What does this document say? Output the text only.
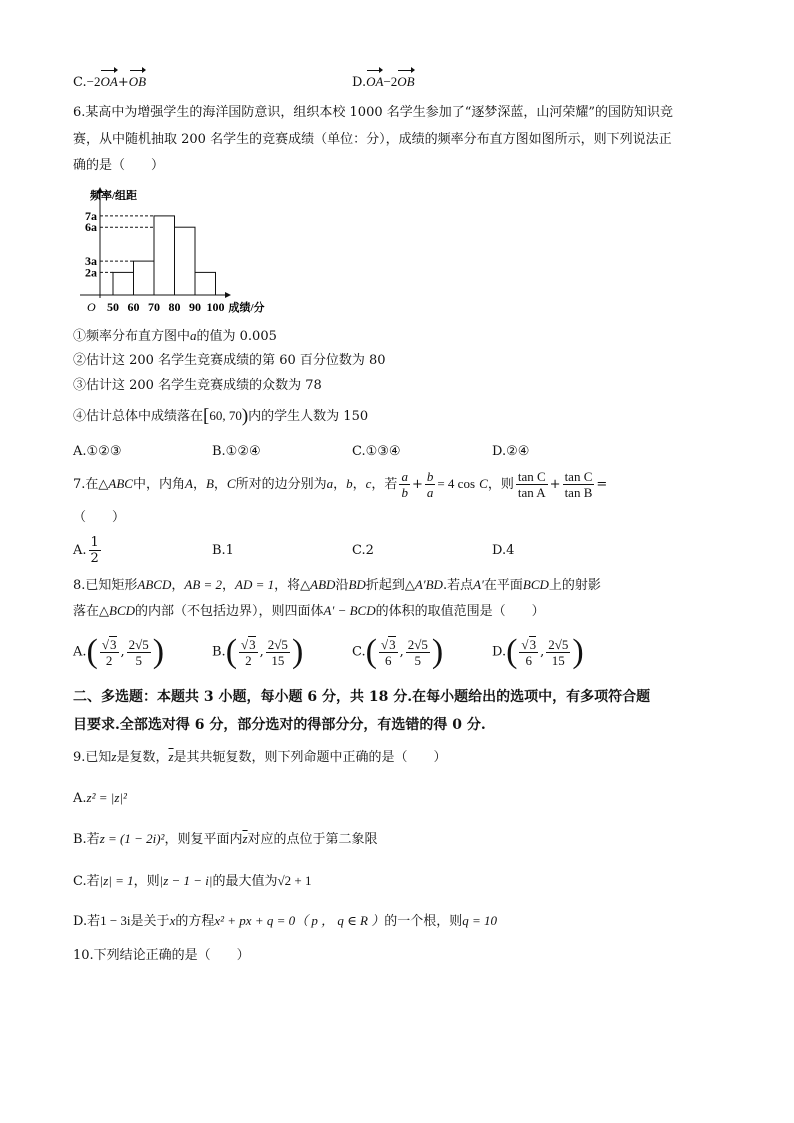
C.−2OA+OB	D.OA−2OB
6.某高中为增强学生的海洋国防意识，组织本校 1000 名学生参加了“逐梦深蓝，山河荣耀”的国防知识竞
赛，从中随机抽取 200 名学生的竞赛成绩（单位：分），成绩的频率分布直方图如图所示，则下列说法正
确的是（　　）
频率/组距
O
7a
6a
3a
2a
50 60 70 80 90 100 成绩/分
①频率分布直方图中a的值为 0.005
②估计这 200 名学生竞赛成绩的第 60 百分位数为 80
③估计这 200 名学生竞赛成绩的众数为 78
④估计总体中成绩落在[60, 70)内的学生人数为 150
A.①②③	B.①②④	C.①③④	D.②④
7.在△ABC中，内角A，B，C所对的边分别为a，b，c，若 $\frac{a}{b} + \frac{b}{a} = 4$ cos C，则 $\frac{\text{tan C}}{\text{tan A}} + \frac{\text{tan C}}{\text{tan B}}$ =
（　　）
A. $\frac{1}{2}$	B.1	C.2	D.4
8.已知矩形ABCD，AB = 2，AD = 1，将△ABD沿BD折起到△A′BD.若点A′在平面BCD上的射影
落在△BCD的内部（不包括边界），则四面体A′ − BCD的体积的取值范围是（　　）
$A.( \frac{√3}{2}$ , $\frac{2√5}{5}$ )	$B.( \frac{√3}{2}$ , $\frac{2√5}{15}$ )	$C.( \frac{√3}{6}$ , $\frac{2√5}{5}$ )	$D.( \frac{√3}{6}$ , $\frac{2√5}{15}$ )
二、多选题：本题共 3 小题，每小题 6 分，共 18 分.在每小题给出的选项中，有多项符合题
目要求.全部选对得 6 分，部分选对的得部分分，有选错的得 0 分.
9.已知z是复数，$\overline{z}$是其共轭复数，则下列命题中正确的是（　　）
A.z² = |z|²
B.若z = (1 − 2i)²，则复平面内$\overline{z}$对应的点位于第二象限
C.若|z| = 1，则|z − 1 − i|的最大值为√2 + 1
D.若1 − 3i是关于x的方程x² + px + q = 0（ p ， q ∈ R ）的一个根，则q = 10
10.下列结论正确的是（　　）
